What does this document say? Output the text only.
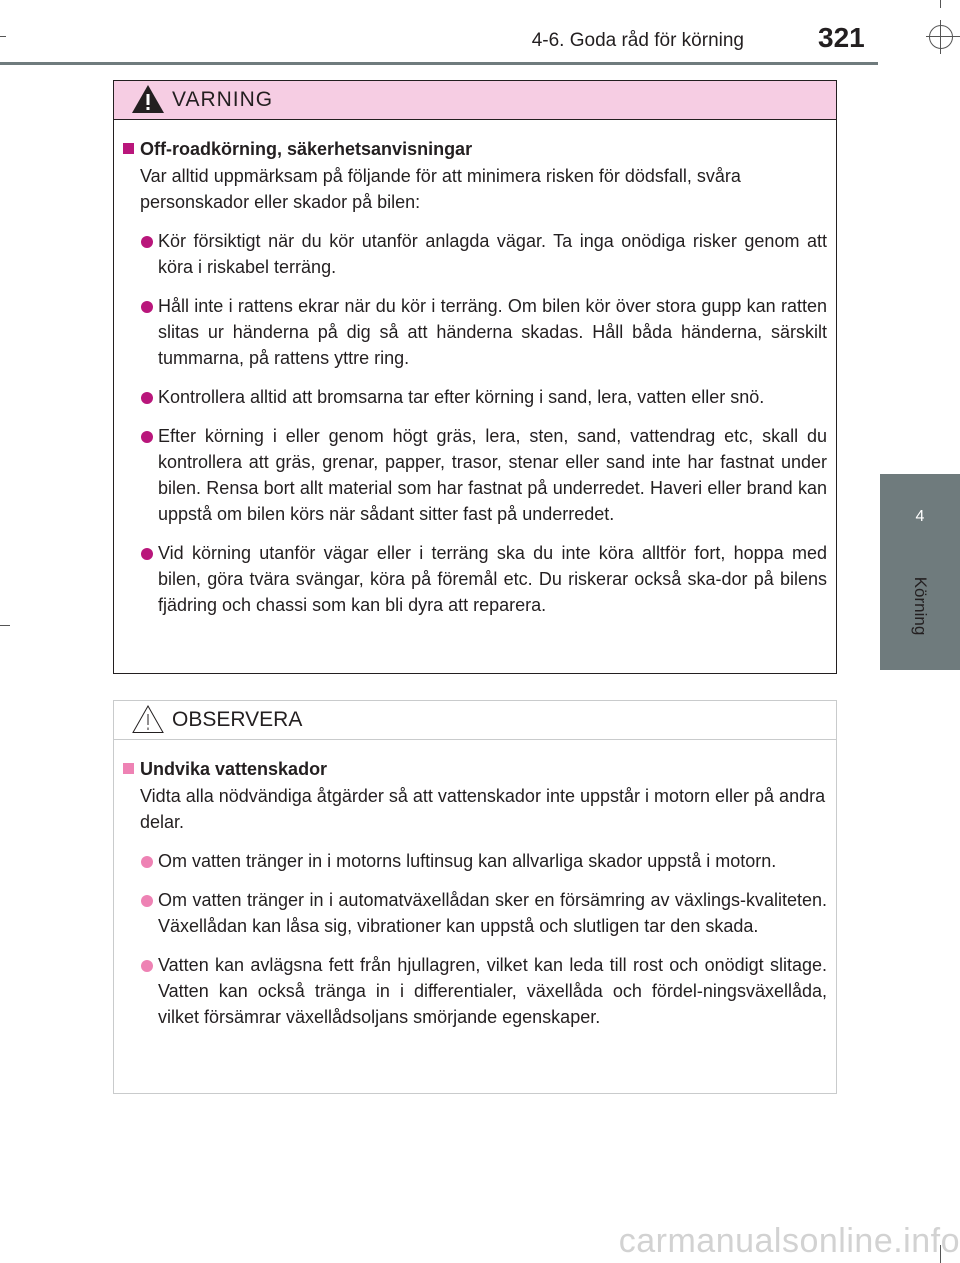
4-6. Goda råd för körning	321
4
Körning
VARNING
Off-roadkörning, säkerhetsanvisningar
Var alltid uppmärksam på följande för att minimera risken för dödsfall, svåra personskador eller skador på bilen:
Kör försiktigt när du kör utanför anlagda vägar. Ta inga onödiga risker genom att köra i riskabel terräng.
Håll inte i rattens ekrar när du kör i terräng. Om bilen kör över stora gupp kan ratten slitas ur händerna på dig så att händerna skadas. Håll båda händerna, särskilt tummarna, på rattens yttre ring.
Kontrollera alltid att bromsarna tar efter körning i sand, lera, vatten eller snö.
Efter körning i eller genom högt gräs, lera, sten, sand, vattendrag etc, skall du kontrollera att gräs, grenar, papper, trasor, stenar eller sand inte har fastnat under bilen. Rensa bort allt material som har fastnat på underredet. Haveri eller brand kan uppstå om bilen körs när sådant sitter fast på underredet.
Vid körning utanför vägar eller i terräng ska du inte köra alltför fort, hoppa med bilen, göra tvära svängar, köra på föremål etc. Du riskerar också ska-dor på bilens fjädring och chassi som kan bli dyra att reparera.
OBSERVERA
Undvika vattenskador
Vidta alla nödvändiga åtgärder så att vattenskador inte uppstår i motorn eller på andra delar.
Om vatten tränger in i motorns luftinsug kan allvarliga skador uppstå i motorn.
Om vatten tränger in i automatväxellådan sker en försämring av växlings-kvaliteten. Växellådan kan låsa sig, vibrationer kan uppstå och slutligen tar den skada.
Vatten kan avlägsna fett från hjullagren, vilket kan leda till rost och onödigt slitage. Vatten kan också tränga in i differentialer, växellåda och fördel-ningsväxellåda, vilket försämrar växellådsoljans smörjande egenskaper.
carmanualsonline.info
